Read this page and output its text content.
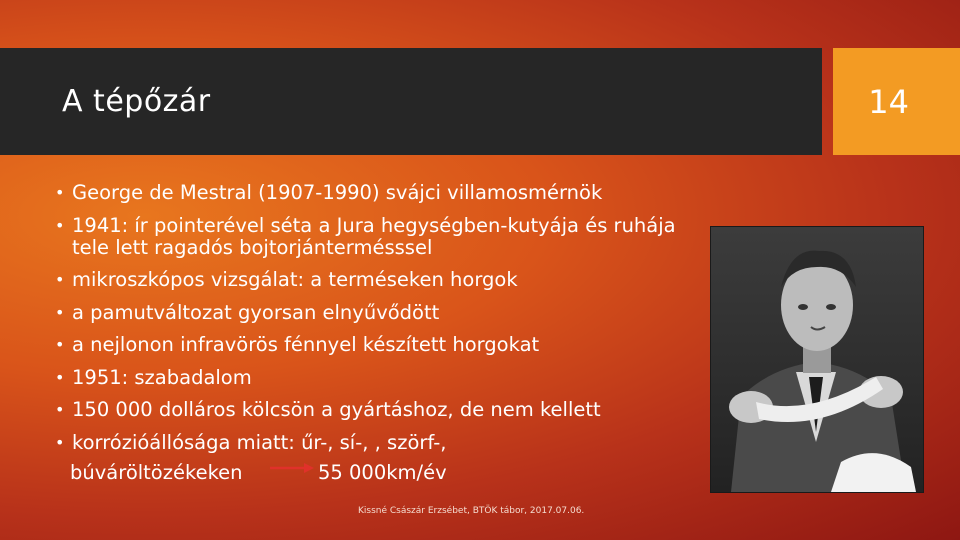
A tépőzár	14
• George de Mestral (1907-1990) svájci villamosmérnök
• 1941: ír pointerével séta a Jura hegységben-kutyája és ruhája tele lett ragadós bojtorjántermésssel
• mikroszkópos vizsgálat: a terméseken horgok
• a pamutváltozat gyorsan elnyűvődött
• a nejlonon infravörös fénnyel készített horgokat
• 1951: szabadalom
• 150 000 dolláros kölcsön a gyártáshoz, de nem kellett
• korrózióállósága miatt: űr-, sí-, , szörf-,
búváröltözékeken	55 000km/év
Kissné Császár Erzsébet, BTÖK tábor, 2017.07.06.
